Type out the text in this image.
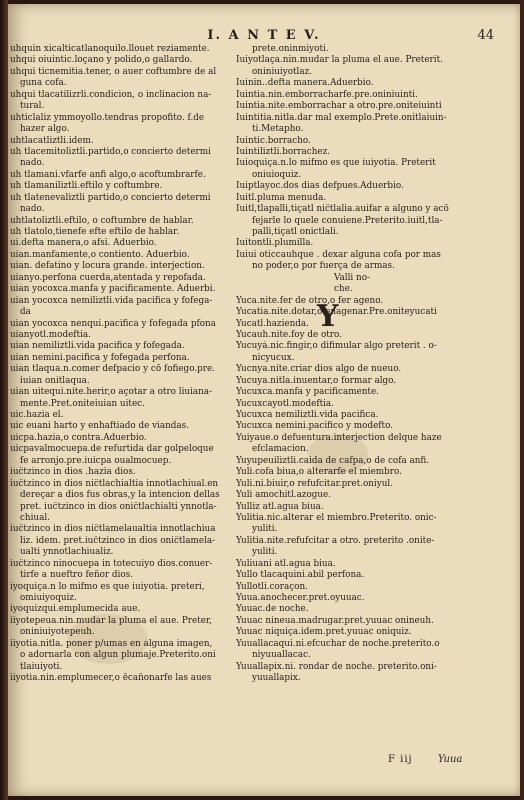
I. A N T E V.	44
uhquin xicalticatlanoquilo.llouet reziamente.
uhqui oiuintic.loçano y polido,o gallardo.
uhqui ticnemitia.tener, o auer coftumbre de al
guna cofa.
uhqui tlacatilizrli.condicion, o inclinacion na-
tural.
uhticlaliz ymmoyollo.tendras propofito. f.de
hazer algo.
uhtlacatliztli.idem.
uh tlacemitoliztli.partido,o concierto determi
nado.
uh tlamani.vfarfe anfi algo,o acoftumbrarfe.
uh tlamaniliztli.eftilo y coftumbre.
uh tlatenevaliztli partido,o concierto determi
nado.
uhtlatoliztli.eftilo, o coftumbre de hablar.
uh tlatolo,tienefe efte eftilo de hablar.
ui.defta manera,o afsi. Aduerbio.
uian.manfamente,o contiento. Aduerbio.
uian. defatino y locura grande. interjection.
uianyo.perfona cuerda,atentada y repofada.
uian yocoxca.manfa y pacificamente. Aduerbi.
uian yocoxca nemiliztli.vida pacifica y fofega-
da
uian yocoxca nenqui.pacifica y fofegada pfona
uianyotl.modeftia.
uian nemiliztli.vida pacifica y fofegada.
uian nemini.pacifica y fofegada perfona.
uian tlaqua.n.comer defpacio y cõ fofiego.pre.
iuian onitlaqua.
uian uitequi.nite.herir,o açotar a otro liuiana-
mente.Pret.oniteiuian uitec.
uic.hazia el.
uic euani harto y enhaftiado de viandas.
uicpa.hazia,o contra.Aduerbio.
uicpavalmocuepa.de refurtida dar golpeloque
fe arronjo.pre.iuicpa oualmocuep.
iuĉtzinco in dios .hazia dios.
iuĉtzinco in dios niĉtlachialtia innotlachiual.en
dereçar a dios fus obras,y la intencion dellas
pret. iuĉtzinco in dios oniĉtlachialti ynnotla-
chiual.
iuĉtzinco in dios niĉtlamelaualtia innotlachiua
liz. idem. pret.iuĉtzinco in dios oniĉtlamela-
ualti ynnotlachiualiz.
iuĉtzinco ninocuepa in totecuiyo dios.conuer-
tirfe a nueftro feñor dios.
iyoquiça.n lo mifmo es que iuiyotia. preteri,
omiuiyoquiz.
iyoquizqui.emplumecida aue.
iiyotepeua.nin.mudar la pluma el aue. Preter,
oniniuiyotepeuh.
iiyotia.nitla. poner p/umas en alguna imagen,
o adornarla con algun plumaje.Preterito.oni
tlaiuiyoti.
iiyotia.nin.emplumecer,o ẽcañonarfe las aues
prete.oninmiyoti.
Iuiyotlaça.nin.mudar la pluma el aue. Preterit.
oniniuiyotlaz.
Iuinin..defta manera.Aduerbio.
Iuintia.nin.emborracharfe.pre.oniniuinti.
Iuintia.nite.emborrachar a otro.pre.oniteiuinti
Iuintitia.nitla.dar mal exemplo.Prete.onitlaiuin-
ti.Metapho.
Iuintic.borracho.
Iuintiliztli.borrachez.
Iuioquiça.n.lo mifmo es que iuiyotia. Preterit
oniuioquiz.
Iuiptlayoc.dos dias defpues.Aduerbio.
Iuitl.pluma menuda.
Iuitl,tlapalli,tiçatl niĉtlalia.auifar a alguno y acõ
fejarle lo quele conuiene.Preterito.iuitl,tla-
palli,tiçatl onictlali.
Iuitontli.plumilla.
Iuiui oticcauhque . dexar alguna cofa por mas
no poder,o por fuerça de armas.
Valli no-
che.
Yuca.nite.fer de otro,o fer ageno.
Yucatia.nite.dotar,o enagenar.Pre.oniteyucati
Yucatl.hazienda.
Yucauh.nite.foy de otro.
Yucuyá.nic.fingir,o difimular algo preterit . o-
nicyucux.
Yucnya.nite.criar dios algo de nueuo.
Yucuya.nitla.inuentar,o formar algo.
Yucuxca.manfa y pacificamente.
Yucuxcayotl.modeftia.
Yucuxca nemiliztli.vida pacifica.
Yucuxca nemini.pacifico y modefto.
Yuiyaue.o defuentura.interjection delque haze
efclamacion.
Yuyupeuiliztli.caida de cafpa,o de cofa anfi.
Yuli.cofa biua,o alterarfe el miembro.
Yuli.ni.biuir,o refufcitar.pret.oniyul.
Yuli amochitl.azogue.
Yulliz atl.agua biua.
Yulitia.nic.alterar el miembro.Preterito. onic-
yuliti.
Yulitia.nite.refufcitar a otro. preterito .onite-
yuliti.
Yuliuani atl.agua biua.
Yullo tlacaquini.abil perfona.
Yullotli.coraçon.
Yuua.anochecer.pret.oyuuac.
Yuuac.de noche.
Yuuac nineua.madrugar.pret.yuuac onineuh.
Yuuac niquiça.idem.pret.yuuac oniquiz.
Yuuallacaqui.ni.efcuchar de noche.preterito.o
niyuuallacac.
Yuuallapix.ni. rondar de noche. preterito.oni-
yuuallapix.
Y
F iij	Yuua
